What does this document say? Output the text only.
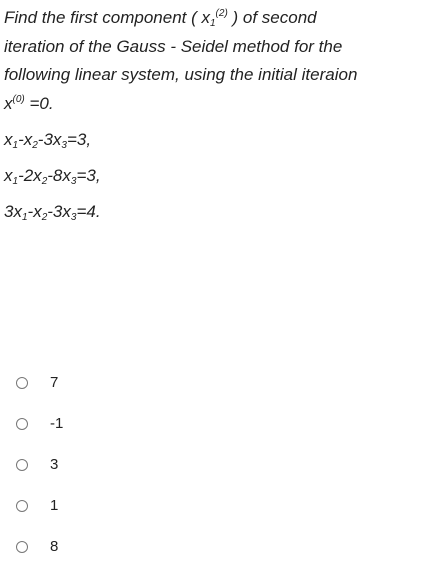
Find the first component ( $x_1^{(2)}$ ) of second

iteration of the Gauss - Seidel method for the

following linear system, using the initial iteraion

$x^{(0)} =0$.

$x_1-x_2-3x_3=3$,
$x_1-2x_2-8x_3=3$,
$3x_1-x_2-3x_3=4$.
7
-1
3
1
8
